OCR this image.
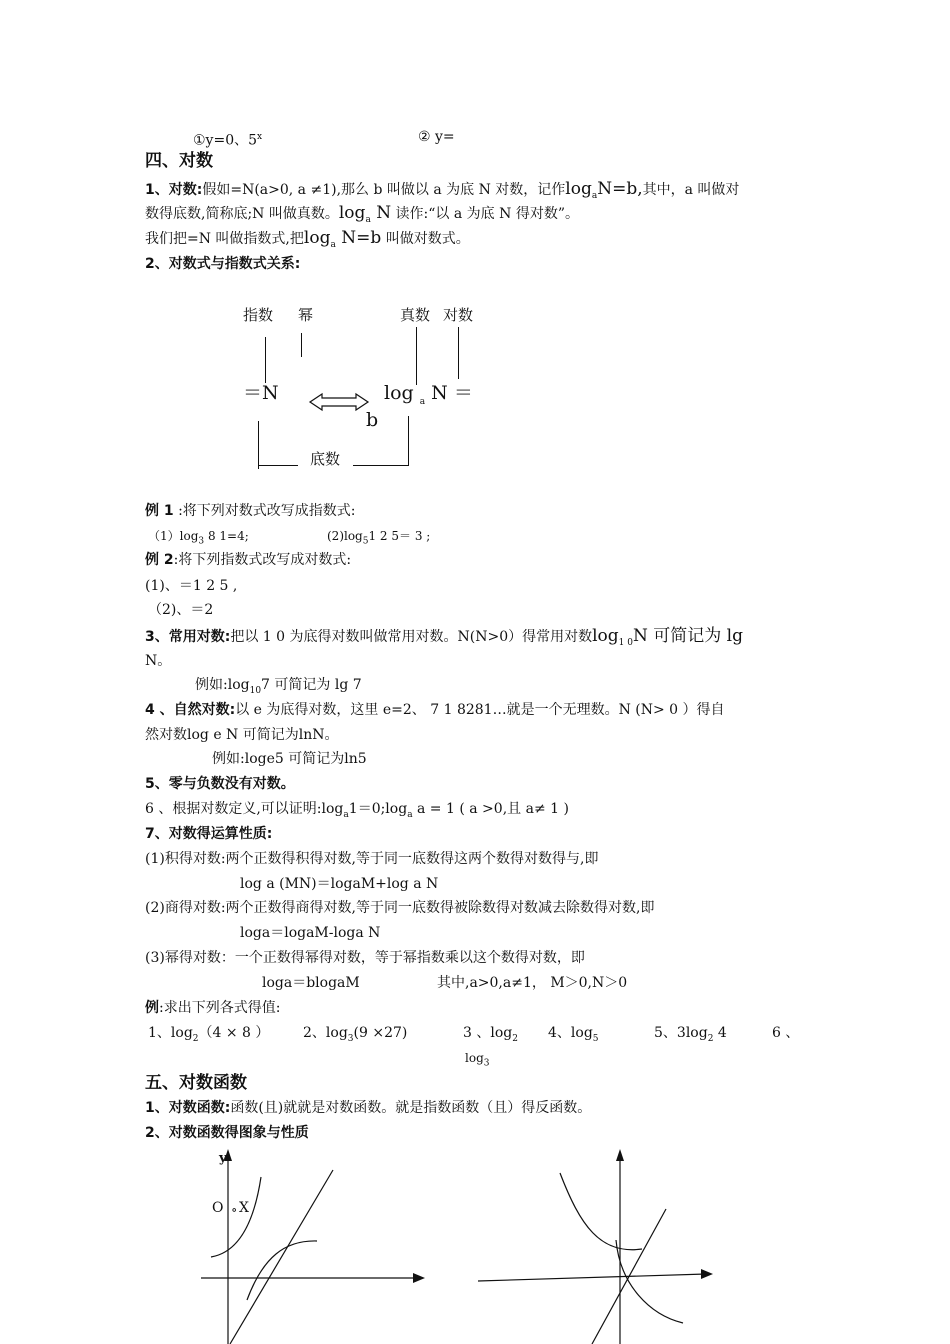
①y=0、5$^x$	② y=
四、对数
1、对数:假如=N(a>0, a ≠1),那么 b 叫做以 a 为底 N 对数，记作$\log_aN=b$,其中，a 叫做对
数得底数,简称底;N 叫做真数。$\log_a N$ 读作:“以 a 为底 N 得对数”。
我们把=N 叫做指数式,把$\log_a N=b$ 叫做对数式。
2、对数式与指数式关系:
指数 幂	真数 对数
＝N	log $_a$ N ＝
b
底数
例 1 :将下列对数式改写成指数式:
$(1)\log_3$ 8 1=4;	$(2)\log_51$ 2 5＝ 3 ;
例 2:将下列指数式改写成对数式:
(1)、＝1 2 5 ,
（2)、＝2
3、常用对数:把以 1 0 为底得对数叫做常用对数。N(N>0）得常用对数$\log_{1 0}N$ 可简记为 lg
N。
例如$:\log_{10}7$ 可简记为 lg 7
4 、自然对数:以 e 为底得对数，这里 e=2、 7 1 8281…就是一个无理数。N (N> 0 ）得自
然对数log e N 可简记为lnN。
例如:loge5 可简记为ln5
5、零与负数没有对数。
6 、根据对数定义,可以证明$:\log_a1=0;\log_a$ a = 1 ( a >0,且 a≠ 1 )
7、对数得运算性质:
(1)积得对数:两个正数得积得对数,等于同一底数得这两个数得对数得与,即
log a (MN)＝logaM+log a N
(2)商得对数:两个正数得商得对数,等于同一底数得被除数得对数减去除数得对数,即
loga＝logaM-loga N
(3)幂得对数：一个正数得幂得对数，等于幂指数乘以这个数得对数，即
loga＝blogaM	其中,a>0,a≠1， M＞0,N＞0
例:求出下列各式得值:
1、$\log_2(4 \times 8$ ） 2、$\log_3(9 \times 27)$	3 、$\log_2 4$、$\log_5$	5、$3\log_2$ 4	6 、
$\log_3$
五、对数函数
1、对数函数:函数(且)就就是对数函数。就是指数函数（且）得反函数。
2、对数函数得图象与性质
y
O ∘ X
